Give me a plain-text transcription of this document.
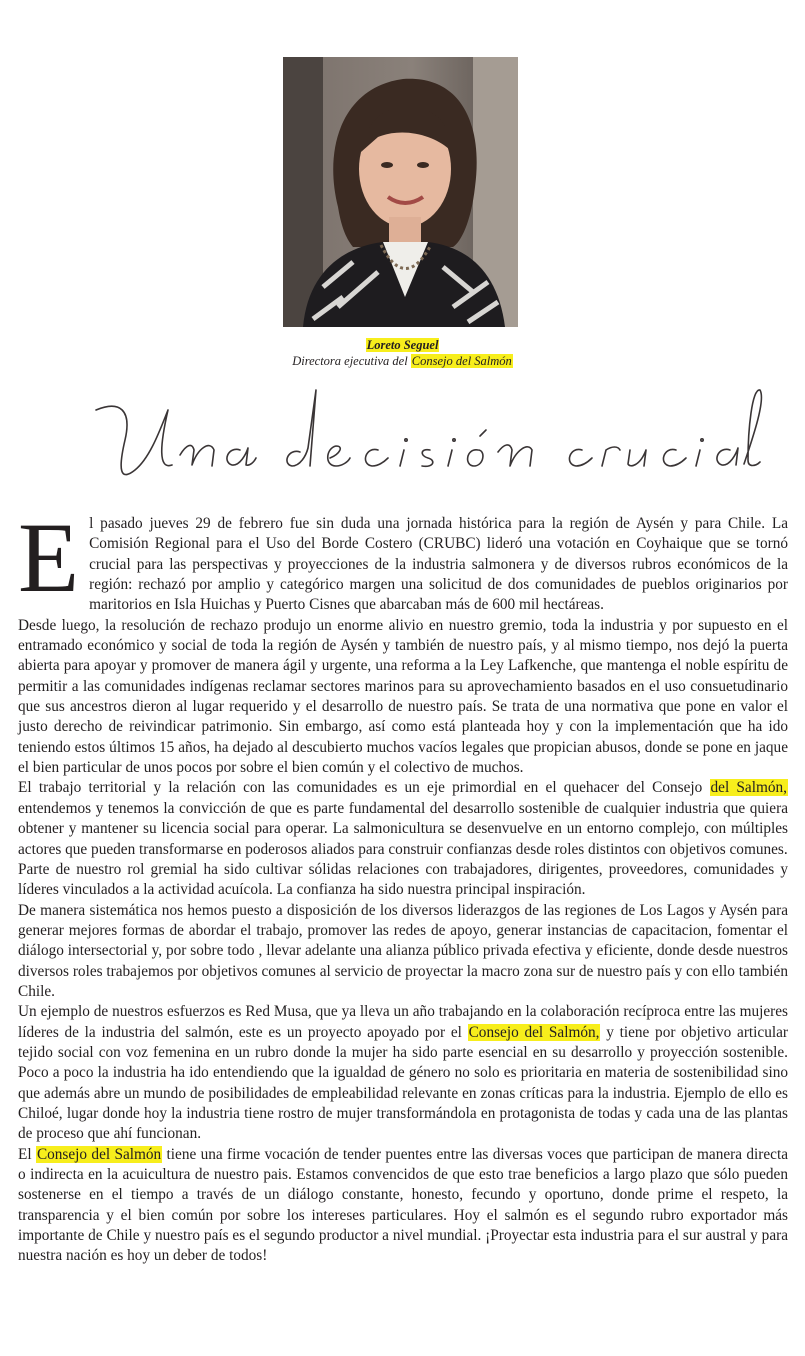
Loreto Seguel
Directora ejecutiva del Consejo del Salmón

El pasado jueves 29 de febrero fue sin duda una jornada histórica para la región de Aysén y para Chile. La Comisión Regional para el Uso del Borde Costero (CRUBC) lideró una votación en Coyhaique que se tornó crucial para las perspectivas y proyecciones de la industria salmonera y de diversos rubros económicos de la región: rechazó por amplio y categórico margen una solicitud de dos comunidades de pueblos originarios por maritorios en Isla Huichas y Puerto Cisnes que abarcaban más de 600 mil hectáreas.

Desde luego, la resolución de rechazo produjo un enorme alivio en nuestro gremio, toda la industria y por supuesto en el entramado económico y social de toda la región de Aysén y también de nuestro país, y al mismo tiempo, nos dejó la puerta abierta para apoyar y promover de manera ágil y urgente, una reforma a la Ley Lafkenche, que mantenga el noble espíritu de permitir a las comunidades indígenas reclamar sectores marinos para su aprovechamiento basados en el uso consuetudinario que sus ancestros dieron al lugar requerido y el desarrollo de nuestro país. Se trata de una normativa que pone en valor el justo derecho de reivindicar patrimonio. Sin embargo, así como está planteada hoy y con la implementación que ha ido teniendo estos últimos 15 años, ha dejado al descubierto muchos vacíos legales que propician abusos, donde se pone en jaque el bien particular de unos pocos por sobre el bien común y el colectivo de muchos.

El trabajo territorial y la relación con las comunidades es un eje primordial en el quehacer del Consejo del Salmón, entendemos y tenemos la convicción de que es parte fundamental del desarrollo sostenible de cualquier industria que quiera obtener y mantener su licencia social para operar. La salmonicultura se desenvuelve en un entorno complejo, con múltiples actores que pueden transformarse en poderosos aliados para construir confianzas desde roles distintos con objetivos comunes.

Parte de nuestro rol gremial ha sido cultivar sólidas relaciones con trabajadores, dirigentes, proveedores, comunidades y líderes vinculados a la actividad acuícola. La confianza ha sido nuestra principal inspiración.

De manera sistemática nos hemos puesto a disposición de los diversos liderazgos de las regiones de Los Lagos y Aysén para generar mejores formas de abordar el trabajo, promover las redes de apoyo, generar instancias de capacitacion, fomentar el diálogo intersectorial y, por sobre todo , llevar adelante una alianza público privada efectiva y eficiente, donde desde nuestros diversos roles trabajemos por objetivos comunes al servicio de proyectar la macro zona sur de nuestro país y con ello también Chile.

Un ejemplo de nuestros esfuerzos es Red Musa, que ya lleva un año trabajando en la colaboración recíproca entre las mujeres líderes de la industria del salmón, este es un proyecto apoyado por el Consejo del Salmón, y tiene por objetivo articular tejido social con voz femenina en un rubro donde la mujer ha sido parte esencial en su desarrollo y proyección sostenible. Poco a poco la industria ha ido entendiendo que la igualdad de género no solo es prioritaria en materia de sostenibilidad sino que además abre un mundo de posibilidades de empleabilidad relevante en zonas críticas para la industria. Ejemplo de ello es Chiloé, lugar donde hoy la industria tiene rostro de mujer transformándola en protagonista de todas y cada una de las plantas de proceso que ahí funcionan.

El Consejo del Salmón tiene una firme vocación de tender puentes entre las diversas voces que participan de manera directa o indirecta en la acuicultura de nuestro pais. Estamos convencidos de que esto trae beneficios a largo plazo que sólo pueden sostenerse en el tiempo a través de un diálogo constante, honesto, fecundo y oportuno, donde prime el respeto, la transparencia y el bien común por sobre los intereses particulares. Hoy el salmón es el segundo rubro exportador más importante de Chile y nuestro país es el segundo productor a nivel mundial. ¡Proyectar esta industria para el sur austral y para nuestra nación es hoy un deber de todos!
